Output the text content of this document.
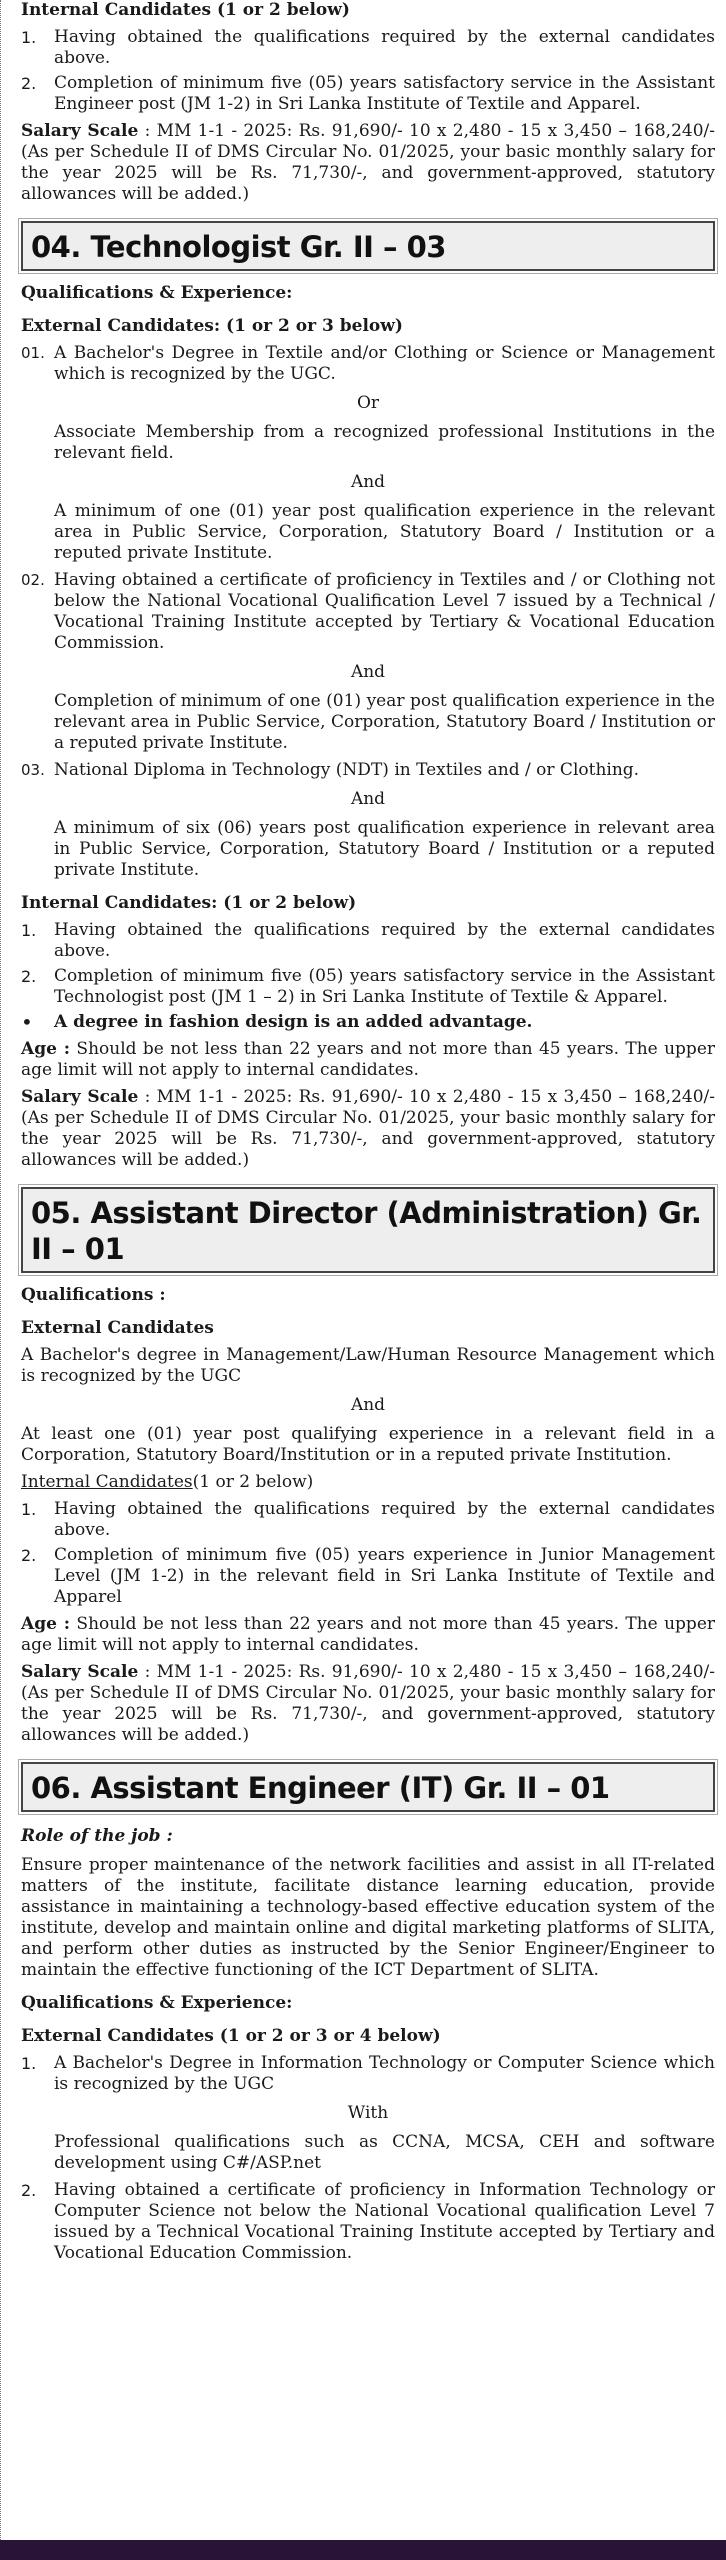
Internal Candidates (1 or 2 below)
1.	Having obtained the qualifications required by the external candidates above.
2.	Completion of minimum five (05) years satisfactory service in the Assistant Engineer post (JM 1-2) in Sri Lanka Institute of Textile and Apparel.
Salary Scale : MM 1-1 - 2025: Rs. 91,690/- 10 x 2,480 - 15 x 3,450 – 168,240/- (As per Schedule II of DMS Circular No. 01/2025, your basic monthly salary for the year 2025 will be Rs. 71,730/-, and government-approved, statutory allowances will be added.)
04. Technologist Gr. II – 03
Qualifications & Experience:
External Candidates: (1 or 2 or 3 below)
01. A Bachelor's Degree in Textile and/or Clothing or Science or Management which is recognized by the UGC.
Or
Associate Membership from a recognized professional Institutions in the relevant field.
And
A minimum of one (01) year post qualification experience in the relevant area in Public Service, Corporation, Statutory Board / Institution or a reputed private Institute.
02. Having obtained a certificate of proficiency in Textiles and / or Clothing not below the National Vocational Qualification Level 7 issued by a Technical / Vocational Training Institute accepted by Tertiary & Vocational Education Commission.
And
Completion of minimum of one (01) year post qualification experience in the relevant area in Public Service, Corporation, Statutory Board / Institution or a reputed private Institute.
03. National Diploma in Technology (NDT) in Textiles and / or Clothing.
And
A minimum of six (06) years post qualification experience in relevant area in Public Service, Corporation, Statutory Board / Institution or a reputed private Institute.
Internal Candidates: (1 or 2 below)
1.	Having obtained the qualifications required by the external candidates above.
2.	Completion of minimum five (05) years satisfactory service in the Assistant Technologist post (JM 1 – 2) in Sri Lanka Institute of Textile & Apparel.
•	A degree in fashion design is an added advantage.
Age : Should be not less than 22 years and not more than 45 years. The upper age limit will not apply to internal candidates.
Salary Scale : MM 1-1 - 2025: Rs. 91,690/- 10 x 2,480 - 15 x 3,450 – 168,240/- (As per Schedule II of DMS Circular No. 01/2025, your basic monthly salary for the year 2025 will be Rs. 71,730/-, and government-approved, statutory allowances will be added.)
05. Assistant Director (Administration) Gr. II – 01
Qualifications :
External Candidates
A Bachelor's degree in Management/Law/Human Resource Management which is recognized by the UGC
And
At least one (01) year post qualifying experience in a relevant field in a Corporation, Statutory Board/Institution or in a reputed private Institution.
Internal Candidates(1 or 2 below)
1.	Having obtained the qualifications required by the external candidates above.
2.	Completion of minimum five (05) years experience in Junior Management Level (JM 1-2) in the relevant field in Sri Lanka Institute of Textile and Apparel
Age : Should be not less than 22 years and not more than 45 years. The upper age limit will not apply to internal candidates.
Salary Scale : MM 1-1 - 2025: Rs. 91,690/- 10 x 2,480 - 15 x 3,450 – 168,240/- (As per Schedule II of DMS Circular No. 01/2025, your basic monthly salary for the year 2025 will be Rs. 71,730/-, and government-approved, statutory allowances will be added.)
06. Assistant Engineer (IT) Gr. II – 01
Role of the job :
Ensure proper maintenance of the network facilities and assist in all IT-related matters of the institute, facilitate distance learning education, provide assistance in maintaining a technology-based effective education system of the institute, develop and maintain online and digital marketing platforms of SLITA, and perform other duties as instructed by the Senior Engineer/Engineer to maintain the effective functioning of the ICT Department of SLITA.
Qualifications & Experience:
External Candidates (1 or 2 or 3 or 4 below)
1.	A Bachelor's Degree in Information Technology or Computer Science which is recognized by the UGC
With
Professional qualifications such as CCNA, MCSA, CEH and software development using C#/ASP.net
2.	Having obtained a certificate of proficiency in Information Technology or Computer Science not below the National Vocational qualification Level 7 issued by a Technical Vocational Training Institute accepted by Tertiary and Vocational Education Commission.
